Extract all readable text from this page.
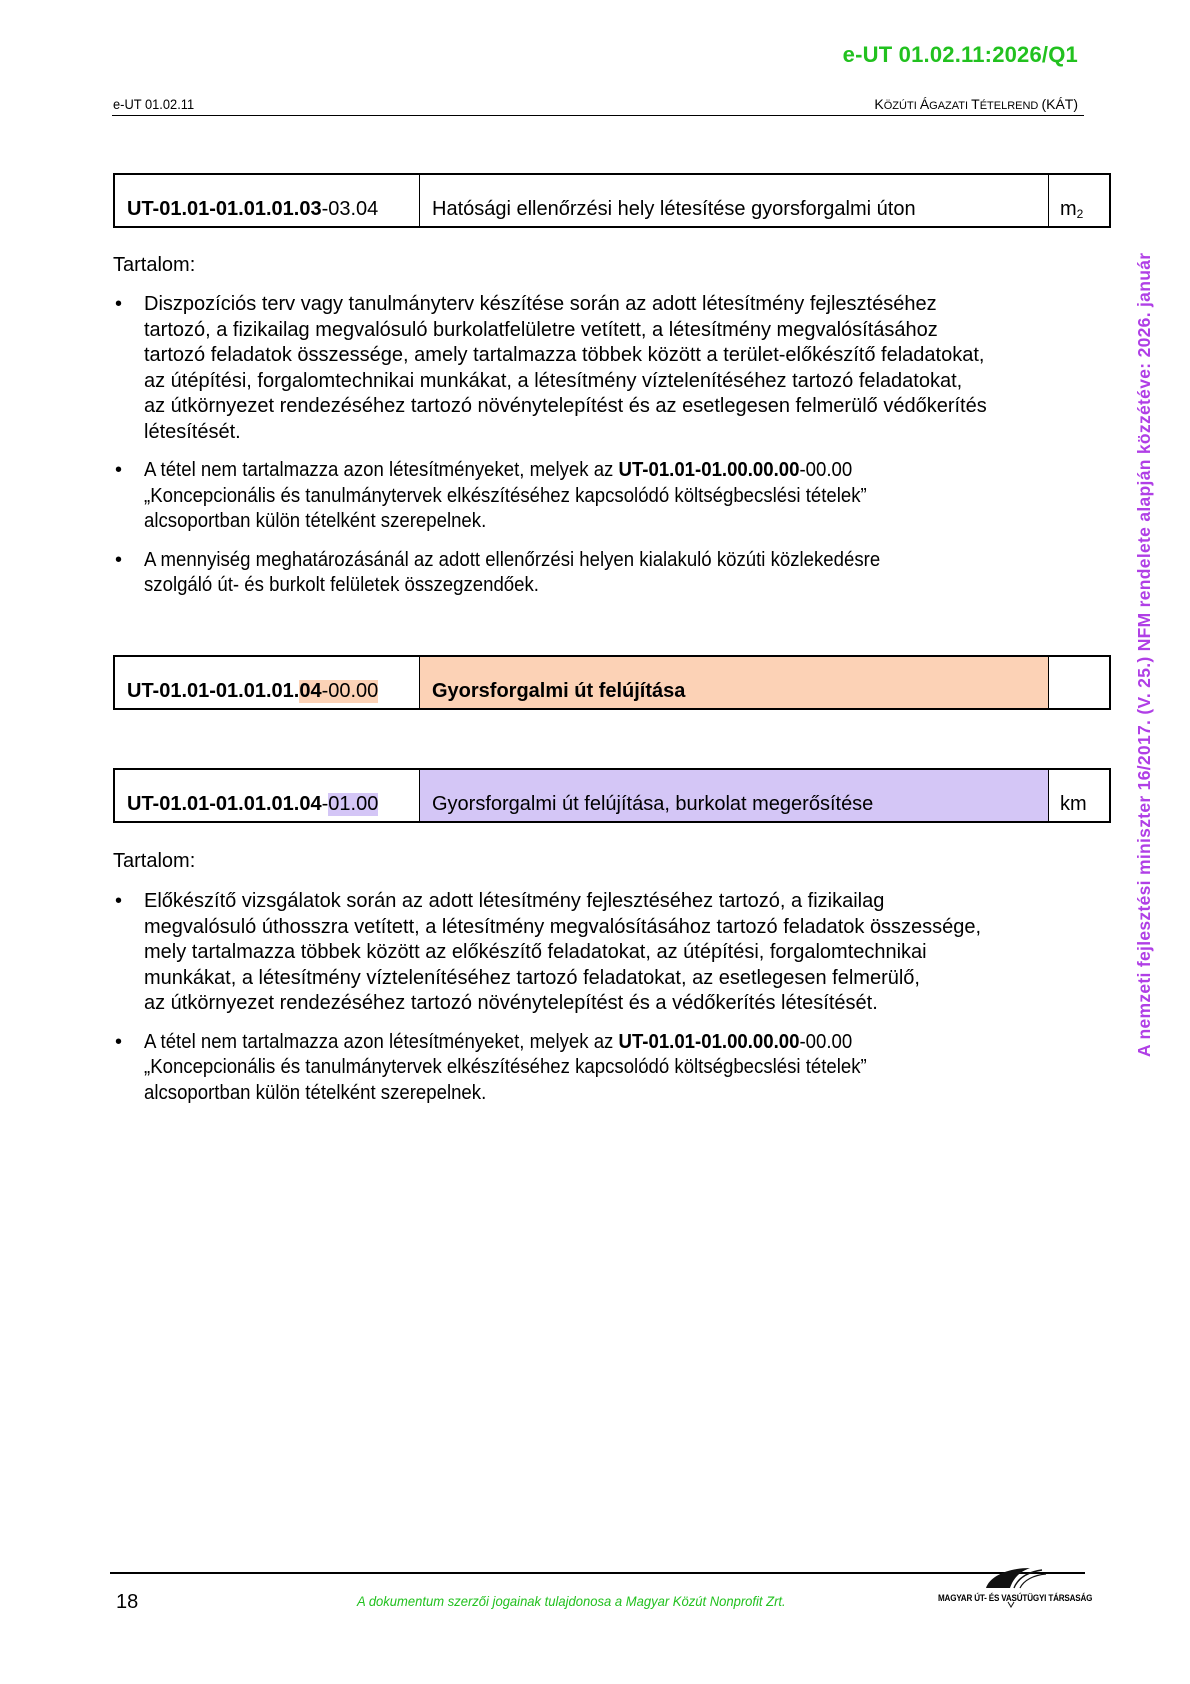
e-UT 01.02.11:2026/Q1
e-UT 01.02.11	KÖZÚTI ÁGAZATI TÉTELREND (KÁT)
UT-01.01-01.01.01.03 -03.04	Hatósági ellenőrzési hely létesítése gyorsforgalmi úton	$m_2$
Tartalom:
• Diszpozíciós terv vagy tanulmányterv készítése során az adott létesítmény fejlesztéséhez
tartozó, a fizikailag megvalósuló burkolatfelületre vetített, a létesítmény megvalósításához
tartozó feladatok összessége, amely tartalmazza többek között a terület-előkészítő feladatokat,
az útépítési, forgalomtechnikai munkákat, a létesítmény víztelenítéséhez tartozó feladatokat,
az útkörnyezet rendezéséhez tartozó növénytelepítést és az esetlegesen felmerülő védőkerítés
létesítését.
• A tétel nem tartalmazza azon létesítményeket, melyek az UT-01.01-01.00.00.00-00.00
„Koncepcionális és tanulmánytervek elkészítéséhez kapcsolódó költségbecslési tételek”
alcsoportban külön tételként szerepelnek.
• A mennyiség meghatározásánál az adott ellenőrzési helyen kialakuló közúti közlekedésre
szolgáló út- és burkolt felületek összegzendőek.
UT-01.01-01.01.01. 04-00.00	Gyorsforgalmi út felújítása
UT-01.01-01.01.01.04 - 01.00	Gyorsforgalmi út felújítása, burkolat megerősítése	km
Tartalom:
• Előkészítő vizsgálatok során az adott létesítmény fejlesztéséhez tartozó, a fizikailag
megvalósuló úthosszra vetített, a létesítmény megvalósításához tartozó feladatok összessége,
mely tartalmazza többek között az előkészítő feladatokat, az útépítési, forgalomtechnikai
munkákat, a létesítmény víztelenítéséhez tartozó feladatokat, az esetlegesen felmerülő,
az útkörnyezet rendezéséhez tartozó növénytelepítést és a védőkerítés létesítését.
• A tétel nem tartalmazza azon létesítményeket, melyek az UT-01.01-01.00.00.00-00.00
„Koncepcionális és tanulmánytervek elkészítéséhez kapcsolódó költségbecslési tételek”
alcsoportban külön tételként szerepelnek.
A nemzeti fejlesztési miniszter 16/2017. (V. 25.) NFM rendelete alapján közzétéve: 2026. január
18	A dokumentum szerzői jogainak tulajdonosa a Magyar Közút Nonprofit Zrt.	MAGYAR ÚT- ÉS VASÚTÜGYI TÁRSASÁG
